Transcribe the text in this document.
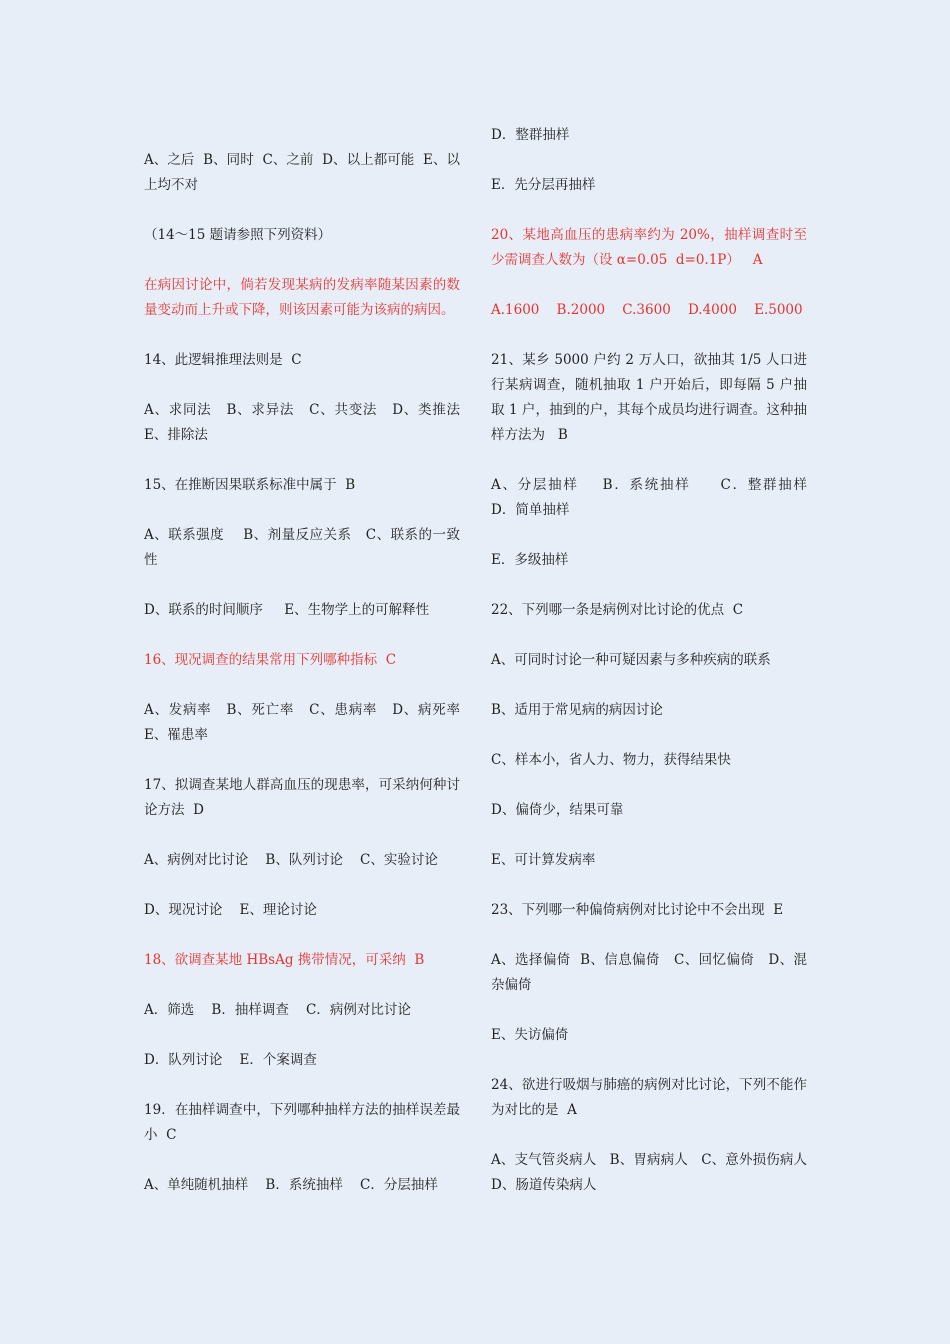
A、之后  B、同时  C、之前  D、以上都可能  E、以上均不对

（14～15 题请参照下列资料）

在病因讨论中，倘若发现某病的发病率随某因素的数量变动而上升或下降，则该因素可能为该病的病因。

14、此逻辑推理法则是  C

A、求同法   B、求异法   C、共变法   D、类推法   E、排除法

15、在推断因果联系标准中属于  B

A、联系强度    B、剂量反应关系   C、联系的一致性

D、联系的时间顺序     E、生物学上的可解释性

16、现况调查的结果常用下列哪种指标  C

A、发病率   B、死亡率   C、患病率   D、病死率  E、罹患率

17、拟调查某地人群高血压的现患率，可采纳何种讨论方法  D

A、病例对比讨论    B、队列讨论    C、实验讨论

D、现况讨论    E、理论讨论

18、欲调查某地 HBsAg 携带情况，可采纳  B

A．筛选    B．抽样调查    C．病例对比讨论

D．队列讨论    E．个案调查

19．在抽样调查中，下列哪种抽样方法的抽样误差最小  C

A、单纯随机抽样    B．系统抽样    C．分层抽样

D．整群抽样

E．先分层再抽样

20、某地高血压的患病率约为 20%，抽样调查时至少需调查人数为（设 α=0.05  d=0.1P）   A

A.1600    B.2000    C.3600    D.4000    E.5000

21、某乡 5000 户约 2 万人口，欲抽其 1/5 人口进行某病调查，随机抽取 1 户开始后，即每隔 5 户抽取 1 户，抽到的户，其每个成员均进行调查。这种抽样方法为   B

A、分层抽样    B．系统抽样     C．整群抽样     D．简单抽样

E．多级抽样

22、下列哪一条是病例对比讨论的优点  C

A、可同时讨论一种可疑因素与多种疾病的联系

B、适用于常见病的病因讨论

C、样本小，省人力、物力，获得结果快

D、偏倚少，结果可靠

E、可计算发病率

23、下列哪一种偏倚病例对比讨论中不会出现  E

A、选择偏倚  B、信息偏倚   C、回忆偏倚   D、混杂偏倚

E、失访偏倚

24、欲进行吸烟与肺癌的病例对比讨论，下列不能作为对比的是  A

A、支气管炎病人   B、胃病病人   C、意外损伤病人  D、肠道传染病人
